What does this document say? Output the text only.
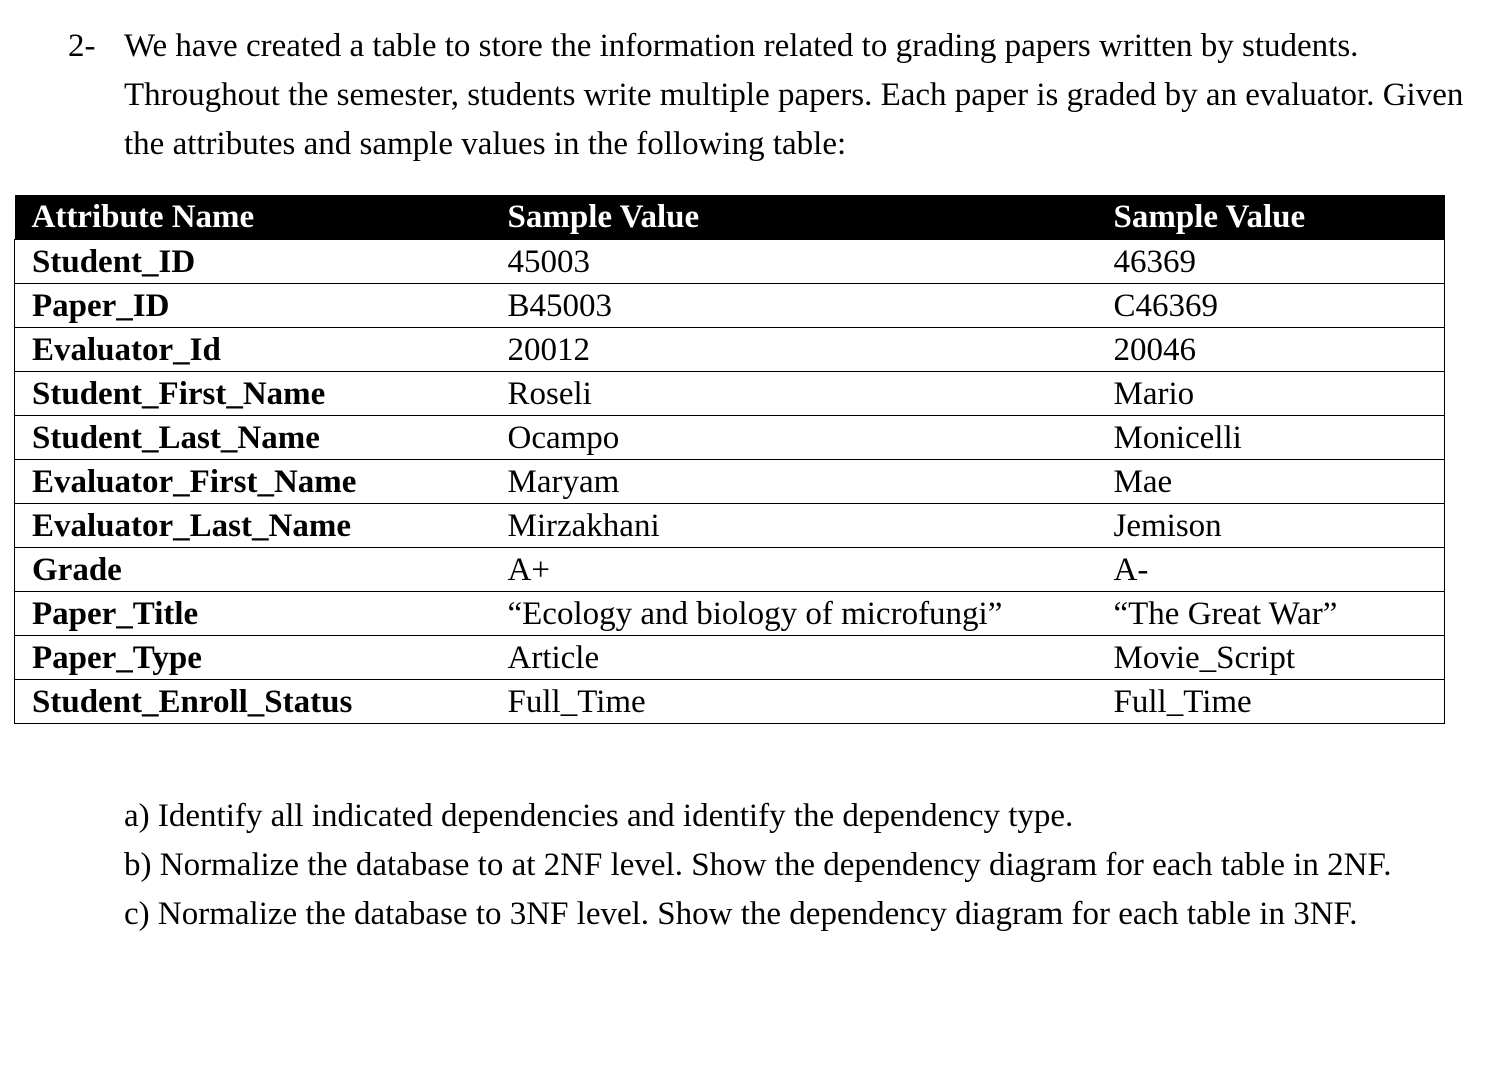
2- We have created a table to store the information related to grading papers written by students. Throughout the semester, students write multiple papers. Each paper is graded by an evaluator. Given the attributes and sample values in the following table:
Attribute Name	Sample Value	Sample Value
Student_ID	45003	46369
Paper_ID	B45003	C46369
Evaluator_Id	20012	20046
Student_First_Name	Roseli	Mario
Student_Last_Name	Ocampo	Monicelli
Evaluator_First_Name	Maryam	Mae
Evaluator_Last_Name	Mirzakhani	Jemison
Grade	A+	A-
Paper_Title	“Ecology and biology of microfungi”	“The Great War”
Paper_Type	Article	Movie_Script
Student_Enroll_Status	Full_Time	Full_Time

a) Identify all indicated dependencies and identify the dependency type.

b) Normalize the database to at 2NF level. Show the dependency diagram for each table in 2NF.

c) Normalize the database to 3NF level. Show the dependency diagram for each table in 3NF.
